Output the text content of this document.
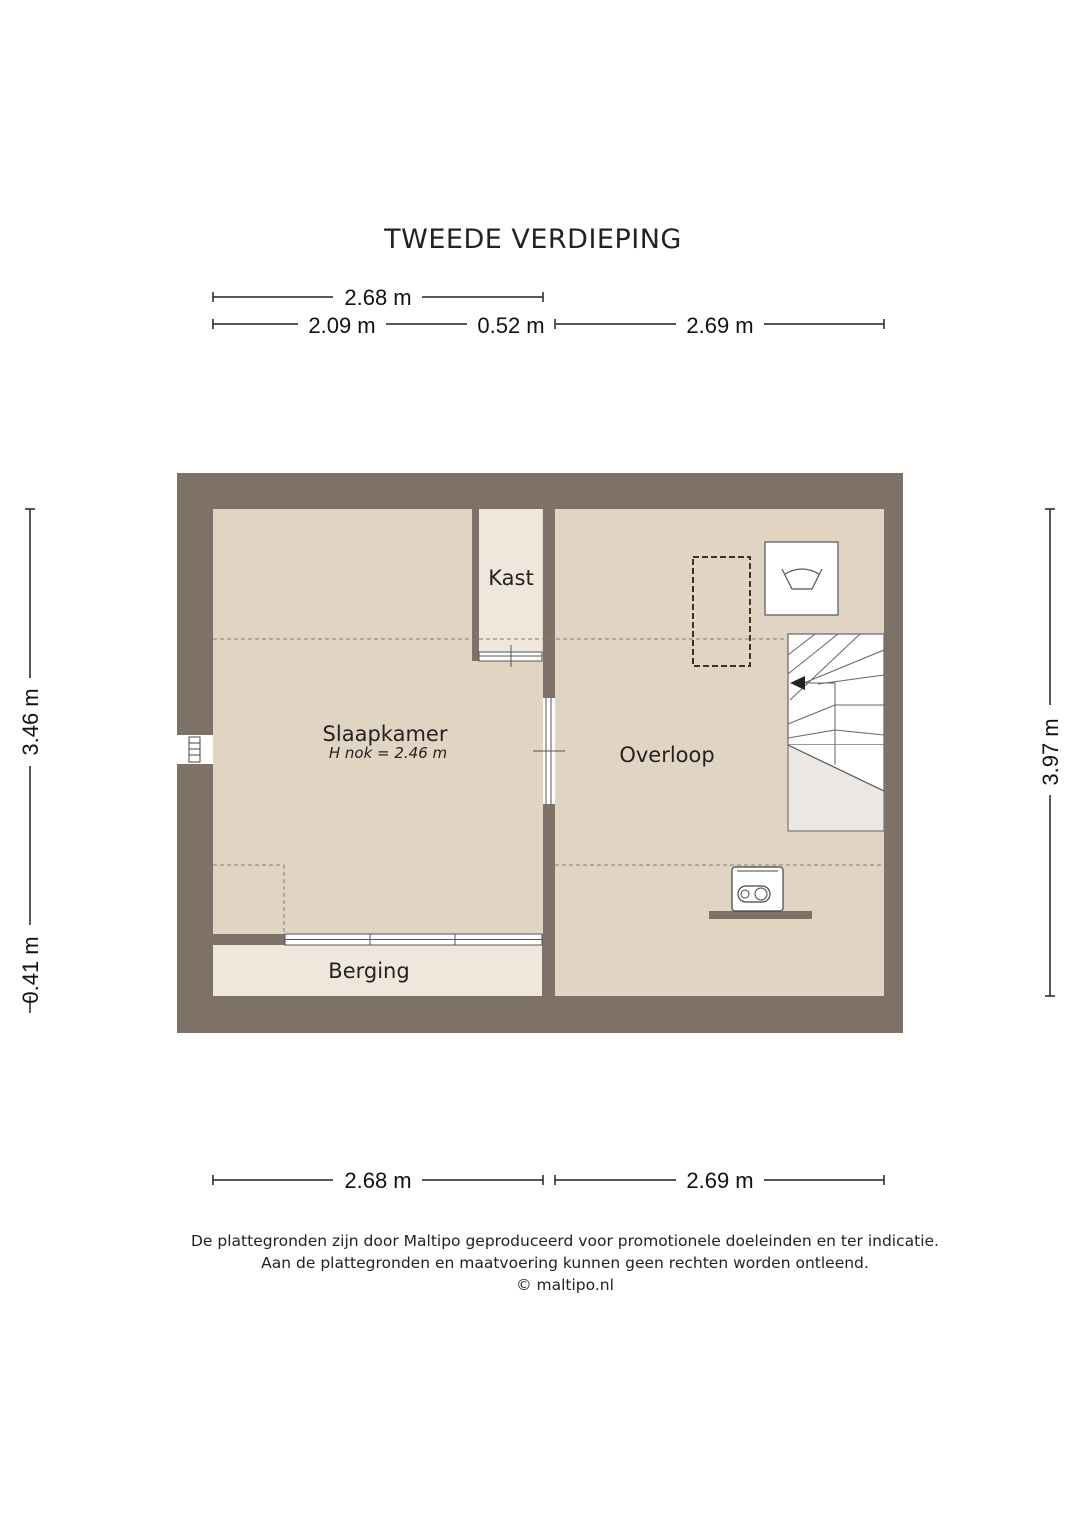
TWEEDE VERDIEPING
2.68 m
2.09 m	0.52 m	2.69 m
3.46 m
0.41 m
3.97 m
2.68 m	2.69 m
Slaapkamer
H nok = 2.46 m
Kast
Overloop
Berging
De plattegronden zijn door Maltipo geproduceerd voor promotionele doeleinden en ter indicatie.
Aan de plattegronden en maatvoering kunnen geen rechten worden ontleend.
© maltipo.nl
